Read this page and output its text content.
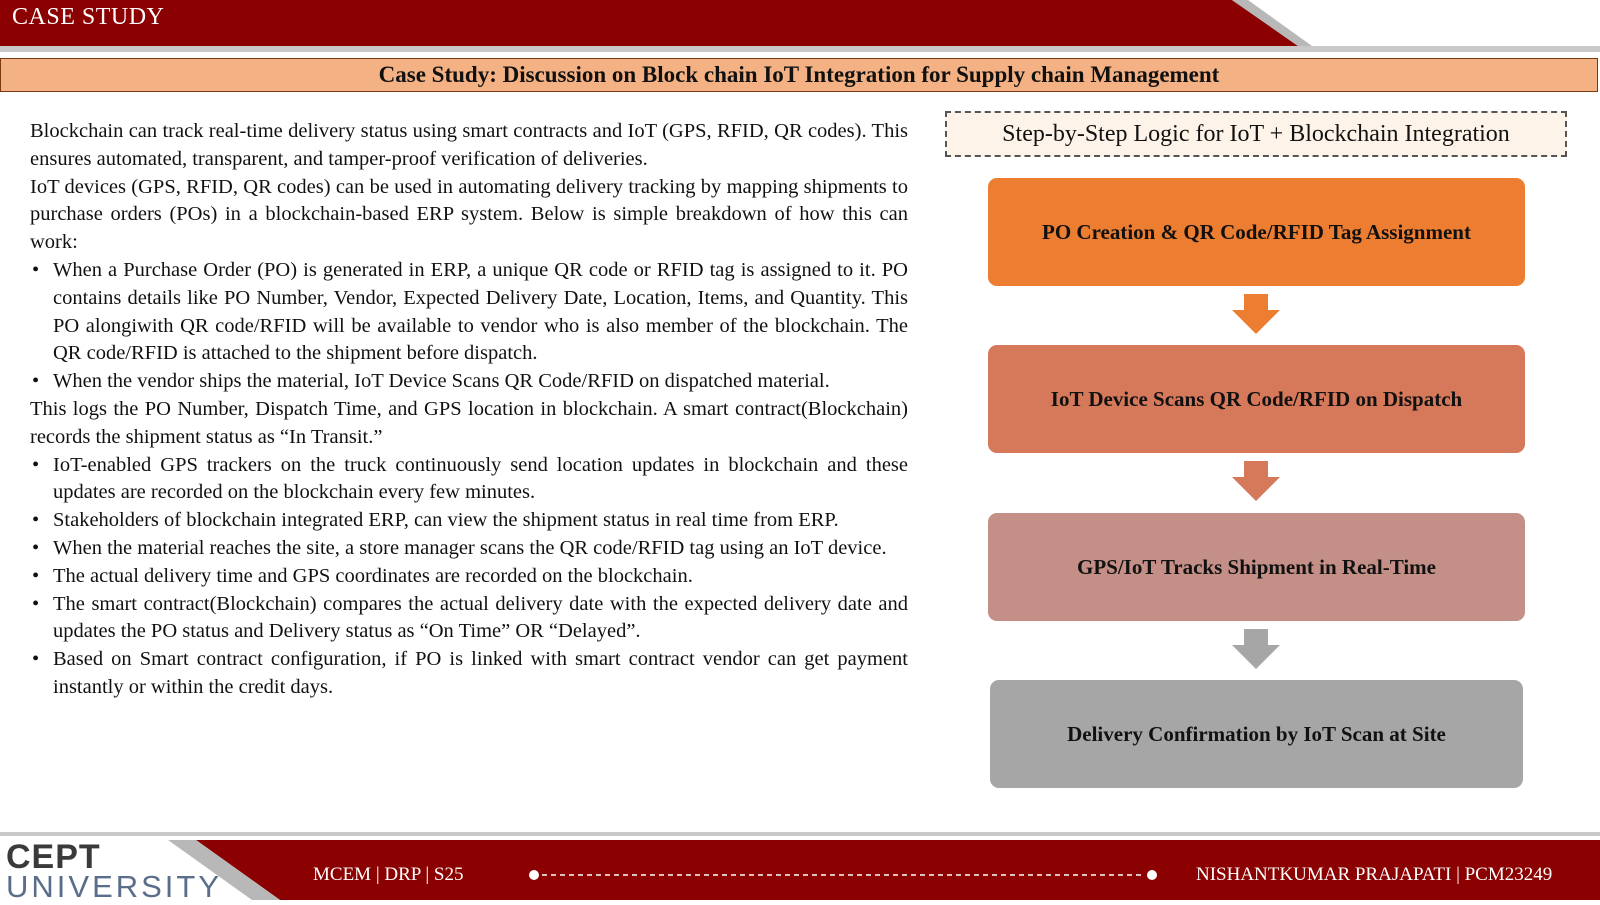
CASE STUDY
Case Study: Discussion on Block chain IoT Integration for Supply chain Management

Blockchain can track real-time delivery status using smart contracts and IoT (GPS, RFID, QR codes). This ensures automated, transparent, and tamper-proof verification of deliveries.

IoT devices (GPS, RFID, QR codes) can be used in automating delivery tracking by mapping shipments to purchase orders (POs) in a blockchain-based ERP system. Below is simple breakdown of how this can work:

• When a Purchase Order (PO) is generated in ERP, a unique QR code or RFID tag is assigned to it. PO contains details like PO Number, Vendor, Expected Delivery Date, Location, Items, and Quantity. This PO alongiwith QR code/RFID will be available to vendor who is also member of the blockchain. The QR code/RFID is attached to the shipment before dispatch.
• When the vendor ships the material, IoT Device Scans QR Code/RFID on dispatched material.

This logs the PO Number, Dispatch Time, and GPS location in blockchain. A smart contract(Blockchain) records the shipment status as “In Transit.”

• IoT-enabled GPS trackers on the truck continuously send location updates in blockchain and these updates are recorded on the blockchain every few minutes.
• Stakeholders of blockchain integrated ERP, can view the shipment status in real time from ERP.
• When the material reaches the site, a store manager scans the QR code/RFID tag using an IoT device.
• The actual delivery time and GPS coordinates are recorded on the blockchain.
• The smart contract(Blockchain) compares the actual delivery date with the expected delivery date and updates the PO status and Delivery status as “On Time” OR “Delayed”.
• Based on Smart contract configuration, if PO is linked with smart contract vendor can get payment instantly or within the credit days.
Step-by-Step Logic for IoT + Blockchain Integration
PO Creation & QR Code/RFID Tag Assignment
IoT Device Scans QR Code/RFID on Dispatch
GPS/IoT Tracks Shipment in Real-Time
Delivery Confirmation by IoT Scan at Site
CEPT
UNIVERSITY	MCEM | DRP | S25	NISHANTKUMAR PRAJAPATI | PCM23249
